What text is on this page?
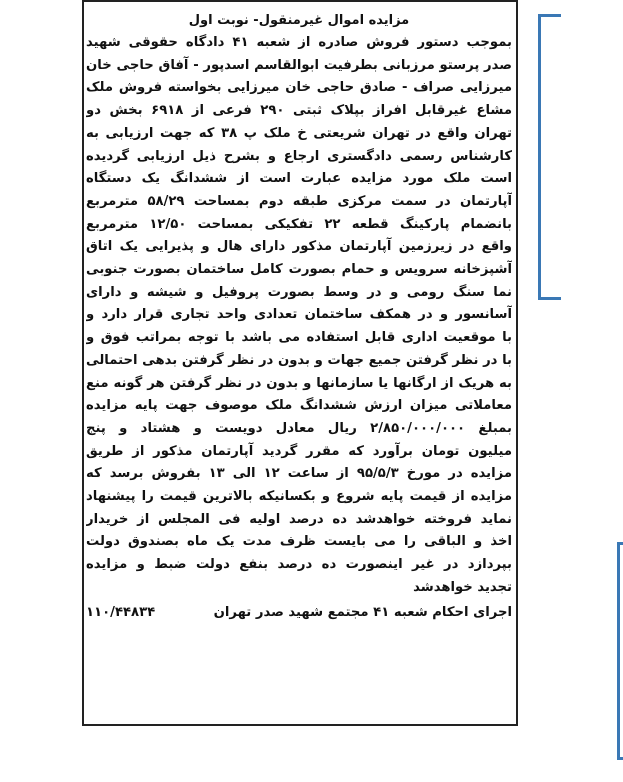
مزایده اموال غیرمنقول- نوبت اول
بموجب دستور فروش صادره از شعبه ۴۱ دادگاه حقوقی شهید
صدر پرستو مرزبانی بطرفیت ابوالقاسم اسدپور - آفاق حاجی خان
میرزایی صراف - صادق حاجی خان میرزایی بخواسته فروش ملک
مشاع غیرقابل افراز بپلاک ثبتی ۲۹۰ فرعی از ۶۹۱۸ بخش دو
تهران واقع در تهران شریعتی خ ملک پ ۳۸ که جهت ارزیابی به
کارشناس رسمی دادگستری ارجاع و بشرح ذیل ارزیابی گردیده
است ملک مورد مزایده عبارت است از ششدانگ یک دستگاه
آپارتمان در سمت مرکزی طبقه دوم بمساحت ۵۸/۲۹ مترمربع
بانضمام پارکینگ قطعه ۲۲ تفکیکی بمساحت ۱۲/۵۰ مترمربع
واقع در زیرزمین آپارتمان مذکور دارای هال و پذیرایی یک اتاق
آشپزخانه سرویس و حمام بصورت کامل ساختمان بصورت جنوبی
نما سنگ رومی و در وسط بصورت پروفیل و شیشه و دارای
آسانسور و در همکف ساختمان تعدادی واحد تجاری قرار دارد و
با موقعیت اداری قابل استفاده می باشد با توجه بمراتب فوق و
با در نظر گرفتن جمیع جهات و بدون در نظر گرفتن بدهی احتمالی
به هریک از ارگانها یا سازمانها و بدون در نظر گرفتن هر گونه منع
معاملاتی میزان ارزش ششدانگ ملک موصوف جهت پایه مزایده
بمبلغ ۲/۸۵۰/۰۰۰/۰۰۰ ریال معادل دویست و هشتاد و پنج
میلیون تومان برآورد که مقرر گردید آپارتمان مذکور از طریق
مزایده در مورخ ۹۵/۵/۳ از ساعت ۱۲ الی ۱۳ بفروش برسد که
مزایده از قیمت پایه شروع و بکسانیکه بالاترین قیمت را پیشنهاد
نماید فروخته خواهدشد ده درصد اولیه فی المجلس از خریدار
اخذ و الباقی را می بایست ظرف مدت یک ماه بصندوق دولت
بپردازد در غیر اینصورت ده درصد بنفع دولت ضبط و مزایده
تجدید خواهدشد
اجرای احکام شعبه ۴۱ مجتمع شهید صدر تهران
۱۱۰/۴۴۸۳۴
